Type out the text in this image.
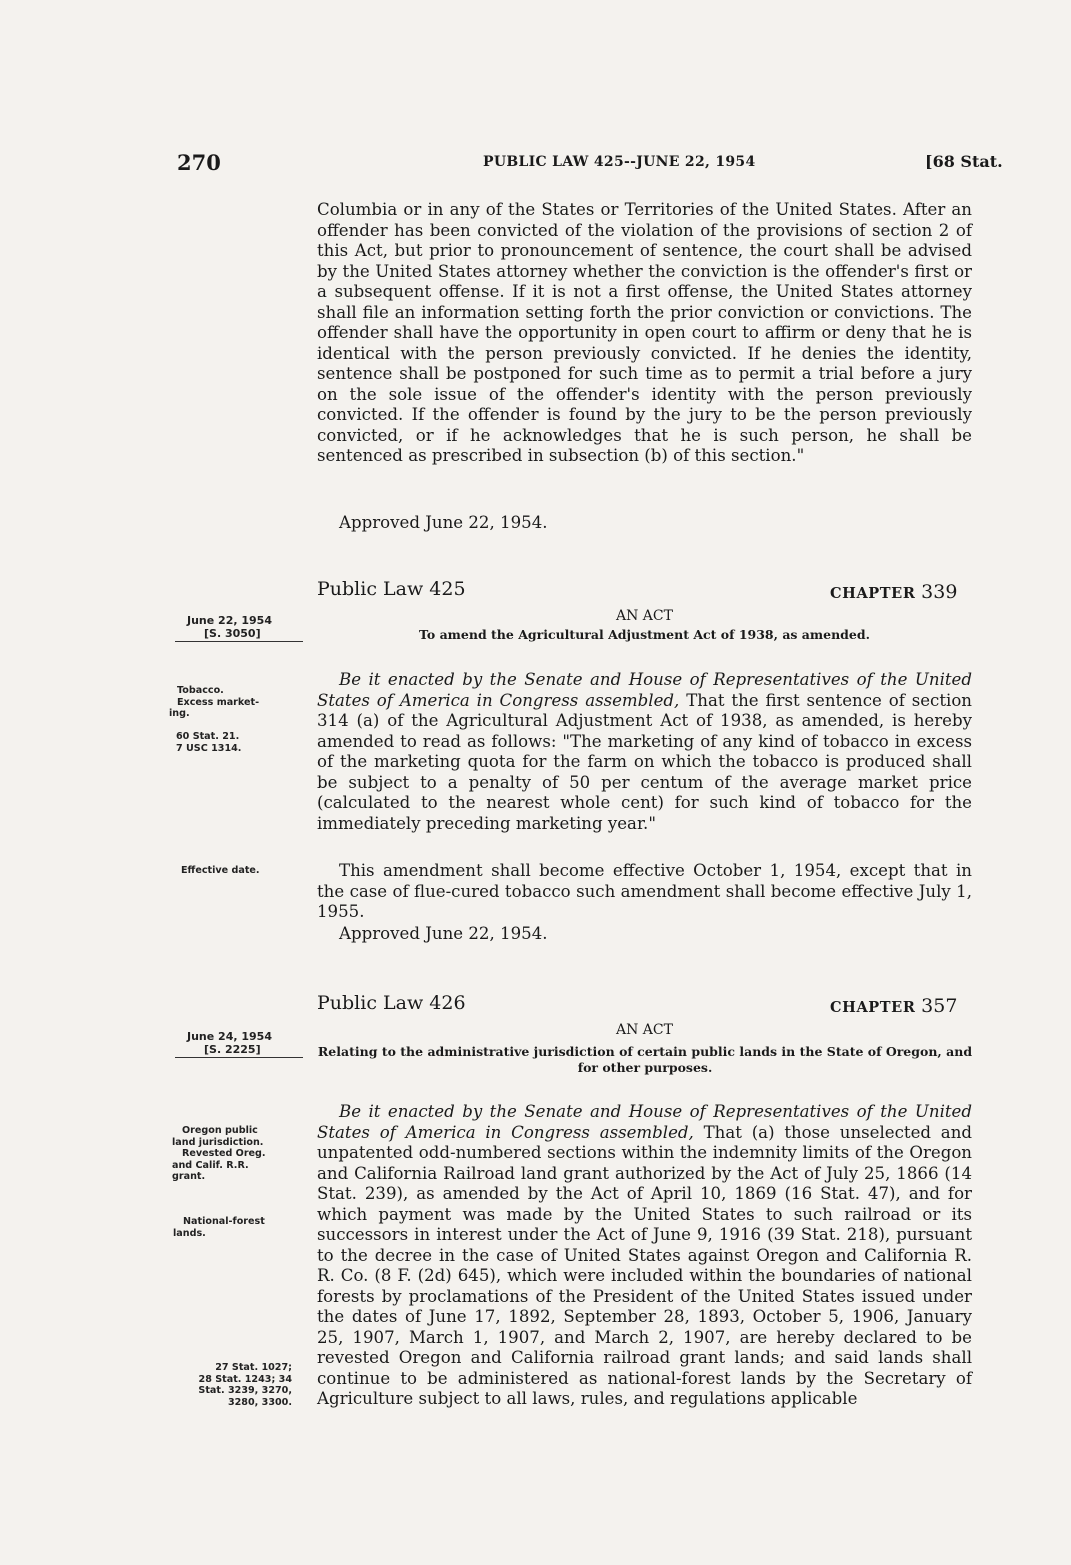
270	PUBLIC LAW 425--JUNE 22, 1954	[68 Stat.
Columbia or in any of the States or Territories of the United States. After an offender has been convicted of the violation of the provisions of section 2 of this Act, but prior to pronouncement of sentence, the court shall be advised by the United States attorney whether the conviction is the offender's first or a subsequent offense. If it is not a first offense, the United States attorney shall file an information setting forth the prior conviction or convictions. The offender shall have the opportunity in open court to affirm or deny that he is identical with the person previously convicted. If he denies the identity, sentence shall be postponed for such time as to permit a trial before a jury on the sole issue of the offender's identity with the person previously convicted. If the offender is found by the jury to be the person previously convicted, or if he acknowledges that he is such person, he shall be sentenced as prescribed in subsection (b) of this section."
Approved June 22, 1954.
Public Law 425	CHAPTER 339
AN ACT
To amend the Agricultural Adjustment Act of 1938, as amended.
Be it enacted by the Senate and House of Representatives of the United States of America in Congress assembled, That the first sentence of section 314 (a) of the Agricultural Adjustment Act of 1938, as amended, is hereby amended to read as follows: "The marketing of any kind of tobacco in excess of the marketing quota for the farm on which the tobacco is produced shall be subject to a penalty of 50 per centum of the average market price (calculated to the nearest whole cent) for such kind of tobacco for the immediately preceding marketing year."
This amendment shall become effective October 1, 1954, except that in the case of flue-cured tobacco such amendment shall become effective July 1, 1955.
Approved June 22, 1954.
Public Law 426	CHAPTER 357
AN ACT
Relating to the administrative jurisdiction of certain public lands in the State of Oregon, and for other purposes.
Be it enacted by the Senate and House of Representatives of the United States of America in Congress assembled, That (a) those unselected and unpatented odd-numbered sections within the indemnity limits of the Oregon and California Railroad land grant authorized by the Act of July 25, 1866 (14 Stat. 239), as amended by the Act of April 10, 1869 (16 Stat. 47), and for which payment was made by the United States to such railroad or its successors in interest under the Act of June 9, 1916 (39 Stat. 218), pursuant to the decree in the case of United States against Oregon and California R. R. Co. (8 F. (2d) 645), which were included within the boundaries of national forests by proclamations of the President of the United States issued under the dates of June 17, 1892, September 28, 1893, October 5, 1906, January 25, 1907, March 1, 1907, and March 2, 1907, are hereby declared to be revested Oregon and California railroad grant lands; and said lands shall continue to be administered as national-forest lands by the Secretary of Agriculture subject to all laws, rules, and regulations applicable
June 22, 1954
[S. 3050]
Tobacco.
Excess market-
ing.
60 Stat. 21.
7 USC 1314.
Effective date.
June 24, 1954
[S. 2225]
Oregon public
land jurisdiction.
Revested Oreg.
and Calif. R.R.
grant.
National-forest
lands.
27 Stat. 1027;
28 Stat. 1243; 34
Stat. 3239, 3270,
3280, 3300.
